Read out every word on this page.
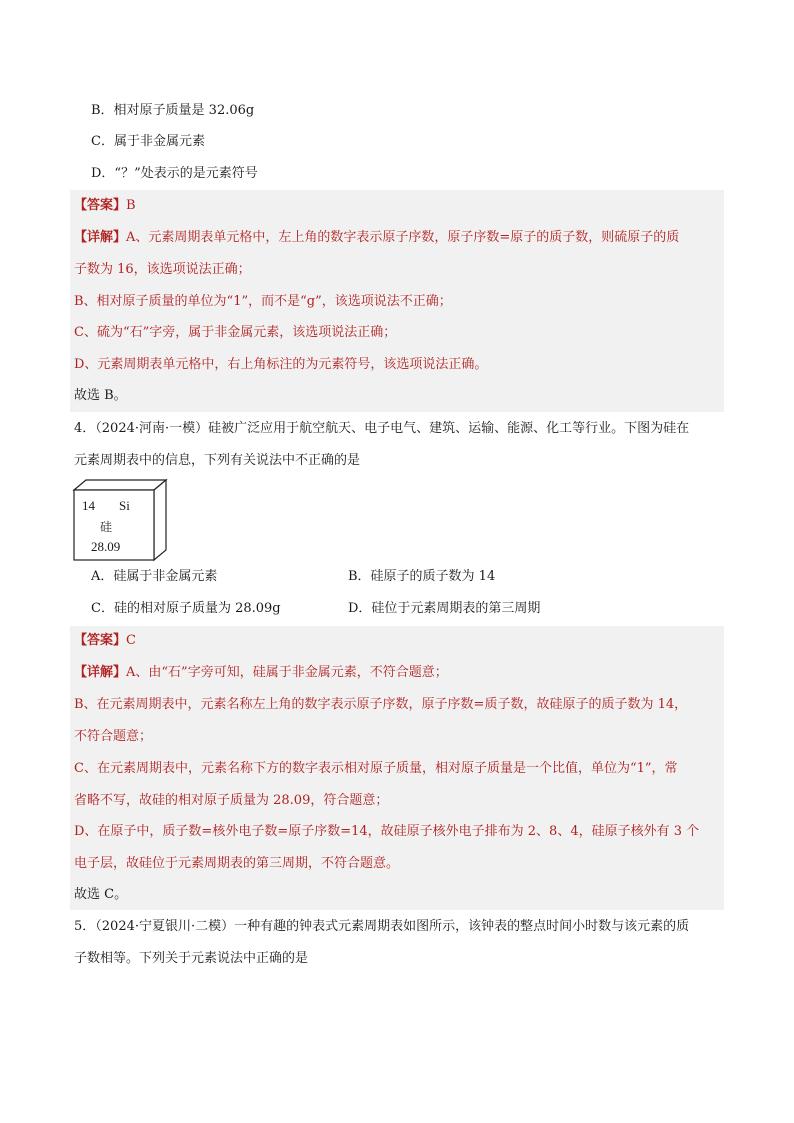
B．相对原子质量是 32.06g
C．属于非金属元素
D．“？”处表示的是元素符号
【答案】B
【详解】A、元素周期表单元格中，左上角的数字表示原子序数，原子序数=原子的质子数，则硫原子的质
子数为 16，该选项说法正确；
B、相对原子质量的单位为“1”，而不是“g”，该选项说法不正确；
C、硫为“石”字旁，属于非金属元素，该选项说法正确；
D、元素周期表单元格中，右上角标注的为元素符号，该选项说法正确。
故选 B。
4．（2024·河南·一模）硅被广泛应用于航空航天、电子电气、建筑、运输、能源、化工等行业。下图为硅在
元素周期表中的信息，下列有关说法中不正确的是
14 Si
硅
28.09
A．硅属于非金属元素	B．硅原子的质子数为 14
C．硅的相对原子质量为 28.09g	D．硅位于元素周期表的第三周期
【答案】C
【详解】A、由“石”字旁可知，硅属于非金属元素，不符合题意；
B、在元素周期表中，元素名称左上角的数字表示原子序数，原子序数=质子数，故硅原子的质子数为 14，
不符合题意；
C、在元素周期表中，元素名称下方的数字表示相对原子质量，相对原子质量是一个比值，单位为“1”，常
省略不写，故硅的相对原子质量为 28.09，符合题意；
D、在原子中，质子数=核外电子数=原子序数=14，故硅原子核外电子排布为 2、8、4，硅原子核外有 3 个
电子层，故硅位于元素周期表的第三周期，不符合题意。
故选 C。
5．（2024·宁夏银川·二模）一种有趣的钟表式元素周期表如图所示，该钟表的整点时间小时数与该元素的质
子数相等。下列关于元素说法中正确的是
